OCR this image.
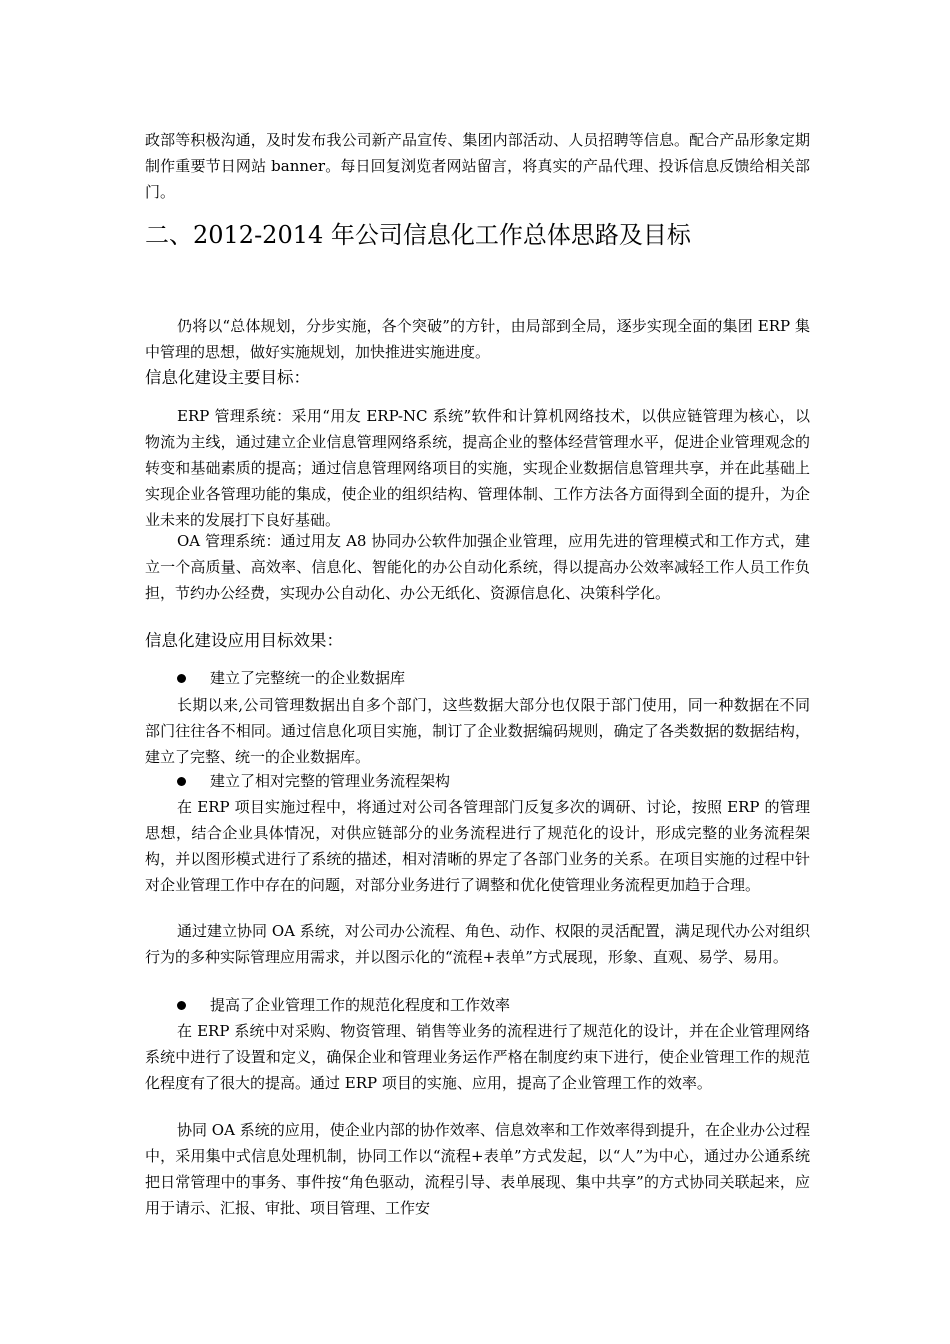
政部等积极沟通，及时发布我公司新产品宣传、集团内部活动、人员招聘等信息。配合产品形象定期制作重要节日网站 banner。每日回复浏览者网站留言，将真实的产品代理、投诉信息反馈给相关部门。

二、2012-2014 年公司信息化工作总体思路及目标

仍将以“总体规划，分步实施，各个突破”的方针，由局部到全局，逐步实现全面的集团 ERP 集中管理的思想，做好实施规划，加快推进实施进度。

信息化建设主要目标：

ERP 管理系统：采用“用友 ERP-NC 系统”软件和计算机网络技术，以供应链管理为核心，以物流为主线，通过建立企业信息管理网络系统，提高企业的整体经营管理水平，促进企业管理观念的转变和基础素质的提高；通过信息管理网络项目的实施，实现企业数据信息管理共享，并在此基础上实现企业各管理功能的集成，使企业的组织结构、管理体制、工作方法各方面得到全面的提升，为企业未来的发展打下良好基础。

OA 管理系统：通过用友 A8 协同办公软件加强企业管理，应用先进的管理模式和工作方式，建立一个高质量、高效率、信息化、智能化的办公自动化系统，得以提高办公效率减轻工作人员工作负担，节约办公经费，实现办公自动化、办公无纸化、资源信息化、决策科学化。

信息化建设应用目标效果：

建立了完整统一的企业数据库

长期以来,公司管理数据出自多个部门，这些数据大部分也仅限于部门使用，同一种数据在不同部门往往各不相同。通过信息化项目实施，制订了企业数据编码规则，确定了各类数据的数据结构，建立了完整、统一的企业数据库。

建立了相对完整的管理业务流程架构

在 ERP 项目实施过程中，将通过对公司各管理部门反复多次的调研、讨论，按照 ERP 的管理思想，结合企业具体情况，对供应链部分的业务流程进行了规范化的设计，形成完整的业务流程架构，并以图形模式进行了系统的描述，相对清晰的界定了各部门业务的关系。在项目实施的过程中针对企业管理工作中存在的问题，对部分业务进行了调整和优化使管理业务流程更加趋于合理。

通过建立协同 OA 系统，对公司办公流程、角色、动作、权限的灵活配置，满足现代办公对组织行为的多种实际管理应用需求，并以图示化的“流程+表单”方式展现，形象、直观、易学、易用。

提高了企业管理工作的规范化程度和工作效率

在 ERP 系统中对采购、物资管理、销售等业务的流程进行了规范化的设计，并在企业管理网络系统中进行了设置和定义，确保企业和管理业务运作严格在制度约束下进行，使企业管理工作的规范化程度有了很大的提高。通过 ERP 项目的实施、应用，提高了企业管理工作的效率。

协同 OA 系统的应用，使企业内部的协作效率、信息效率和工作效率得到提升，在企业办公过程中，采用集中式信息处理机制，协同工作以“流程+表单”方式发起，以“人”为中心，通过办公通系统把日常管理中的事务、事件按“角色驱动，流程引导、表单展现、集中共享”的方式协同关联起来，应用于请示、汇报、审批、项目管理、工作安
